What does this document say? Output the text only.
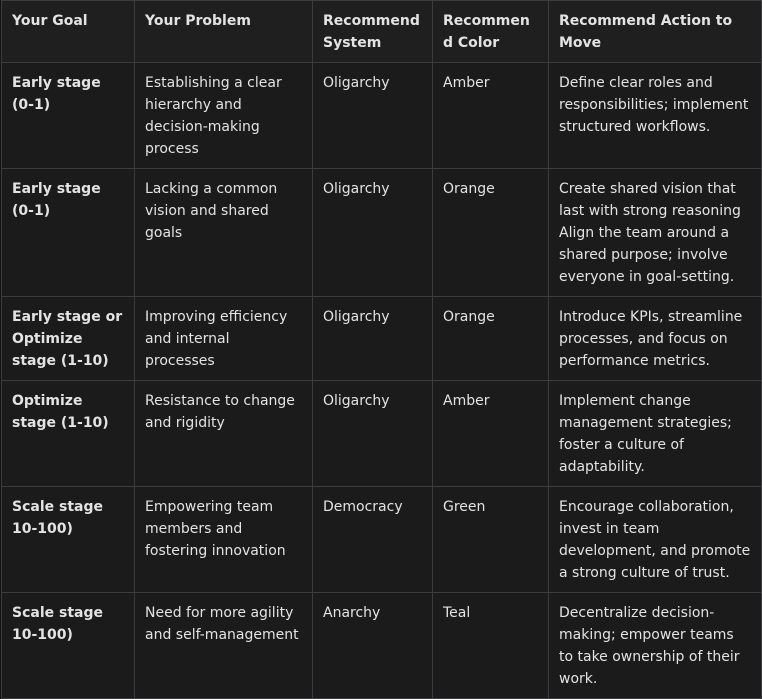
Your Goal	Your Problem	Recommend System	Recommend Color	Recommend Action to Move
Early stage (0-1)	Establishing a clear hierarchy and decision-making process	Oligarchy	Amber	Define clear roles and responsibilities; implement structured workflows.
Early stage (0-1)	Lacking a common vision and shared goals	Oligarchy	Orange	Create shared vision that last with strong reasoning Align the team around a shared purpose; involve everyone in goal-setting.
Early stage or Optimize stage (1-10)	Improving efficiency and internal processes	Oligarchy	Orange	Introduce KPIs, streamline processes, and focus on performance metrics.
Optimize stage (1-10)	Resistance to change and rigidity	Oligarchy	Amber	Implement change management strategies; foster a culture of adaptability.
Scale stage 10-100)	Empowering team members and fostering innovation	Democracy	Green	Encourage collaboration, invest in team development, and promote a strong culture of trust.
Scale stage 10-100)	Need for more agility and self-management	Anarchy	Teal	Decentralize decision-making; empower teams to take ownership of their work.
